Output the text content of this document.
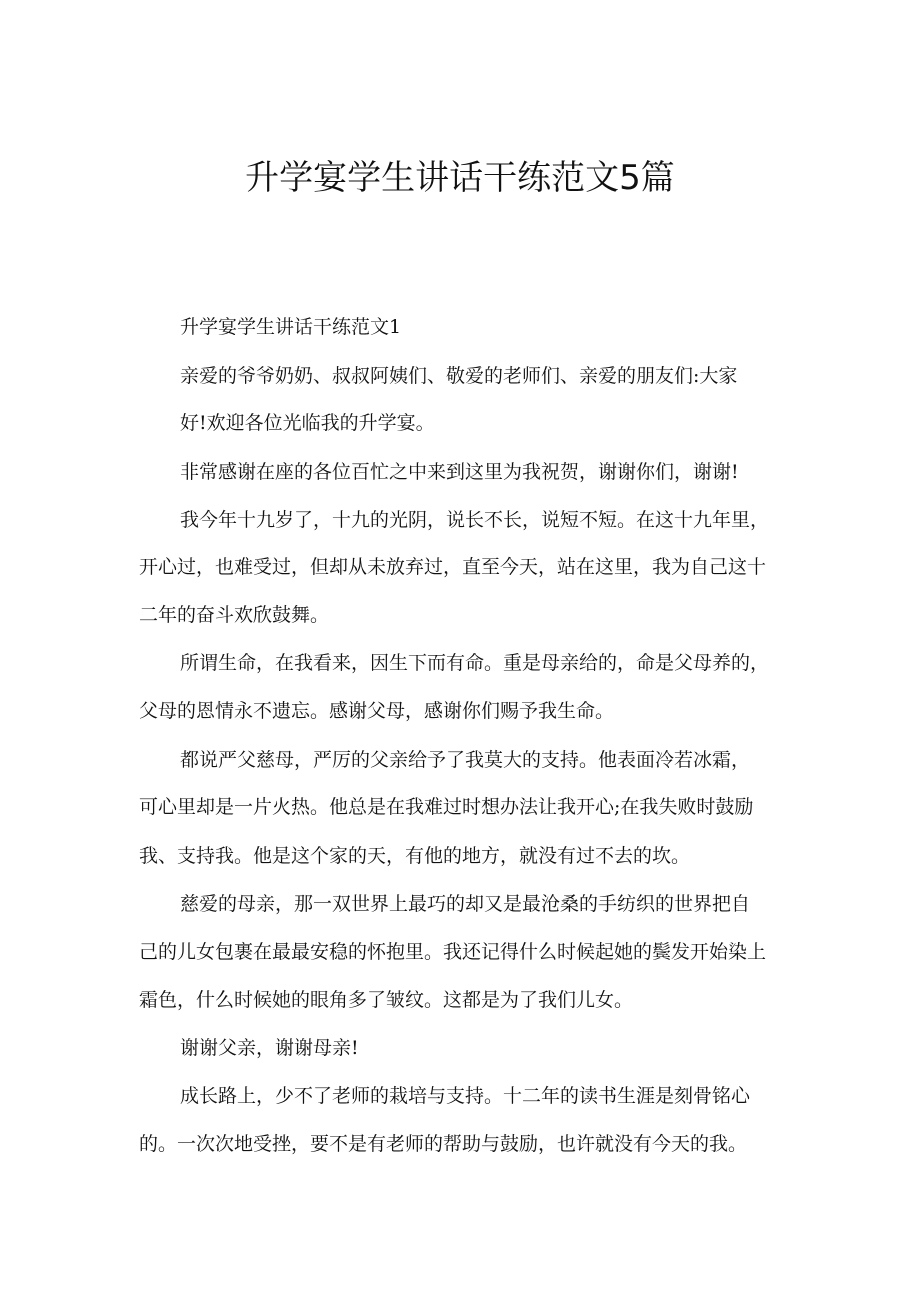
升学宴学生讲话干练范文5篇

升学宴学生讲话干练范文1

亲爱的爷爷奶奶、叔叔阿姨们、敬爱的老师们、亲爱的朋友们:大家

好!欢迎各位光临我的升学宴。

非常感谢在座的各位百忙之中来到这里为我祝贺，谢谢你们，谢谢!

我今年十九岁了，十九的光阴，说长不长，说短不短。在这十九年里，

开心过，也难受过，但却从未放弃过，直至今天，站在这里，我为自己这十

二年的奋斗欢欣鼓舞。

所谓生命，在我看来，因生下而有命。重是母亲给的，命是父母养的，

父母的恩情永不遗忘。感谢父母，感谢你们赐予我生命。

都说严父慈母，严厉的父亲给予了我莫大的支持。他表面冷若冰霜，

可心里却是一片火热。他总是在我难过时想办法让我开心;在我失败时鼓励

我、支持我。他是这个家的天，有他的地方，就没有过不去的坎。

慈爱的母亲，那一双世界上最巧的却又是最沧桑的手纺织的世界把自

己的儿女包裹在最最安稳的怀抱里。我还记得什么时候起她的鬓发开始染上

霜色，什么时候她的眼角多了皱纹。这都是为了我们儿女。

谢谢父亲，谢谢母亲!

成长路上，少不了老师的栽培与支持。十二年的读书生涯是刻骨铭心

的。一次次地受挫，要不是有老师的帮助与鼓励，也许就没有今天的我。
